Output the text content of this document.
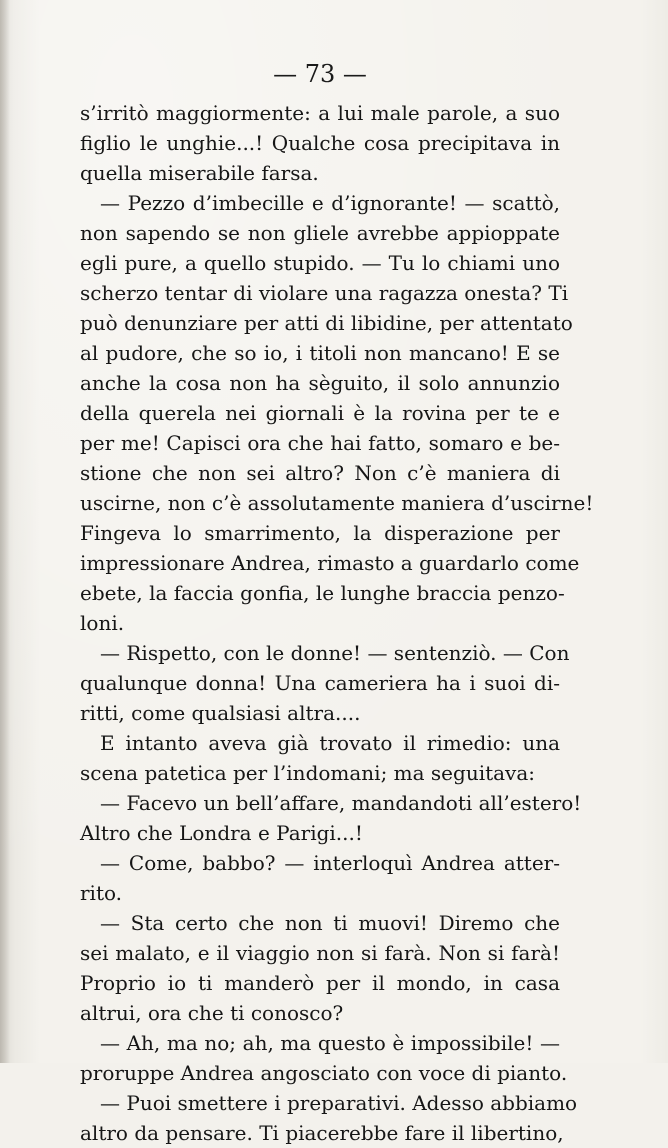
— 73 —
s’irritò maggiormente: a lui male parole, a suo
figlio le unghie...! Qualche cosa precipitava in
quella miserabile farsa.
 — Pezzo d’imbecille e d’ignorante! — scattò,
non sapendo se non gliele avrebbe appioppate
egli pure, a quello stupido. — Tu lo chiami uno
scherzo tentar di violare una ragazza onesta? Ti
può denunziare per atti di libidine, per attentato
al pudore, che so io, i titoli non mancano! E se
anche la cosa non ha sèguito, il solo annunzio
della querela nei giornali è la rovina per te e
per me! Capisci ora che hai fatto, somaro e be-
stione che non sei altro? Non c’è maniera di
uscirne, non c’è assolutamente maniera d’uscirne!
Fingeva lo smarrimento, la disperazione per
impressionare Andrea, rimasto a guardarlo come
ebete, la faccia gonfia, le lunghe braccia penzo-
loni.
 — Rispetto, con le donne! — sentenziò. — Con
qualunque donna! Una cameriera ha i suoi di-
ritti, come qualsiasi altra....
 E intanto aveva già trovato il rimedio: una
scena patetica per l’indomani; ma seguitava:
 — Facevo un bell’affare, mandandoti all’estero!
Altro che Londra e Parigi...!
 — Come, babbo? — interloquì Andrea atter-
rito.
 — Sta certo che non ti muovi! Diremo che
sei malato, e il viaggio non si farà. Non si farà!
Proprio io ti manderò per il mondo, in casa
altrui, ora che ti conosco?
 — Ah, ma no; ah, ma questo è impossibile! —
proruppe Andrea angosciato con voce di pianto.
 — Puoi smettere i preparativi. Adesso abbiamo
altro da pensare. Ti piacerebbe fare il libertino,
